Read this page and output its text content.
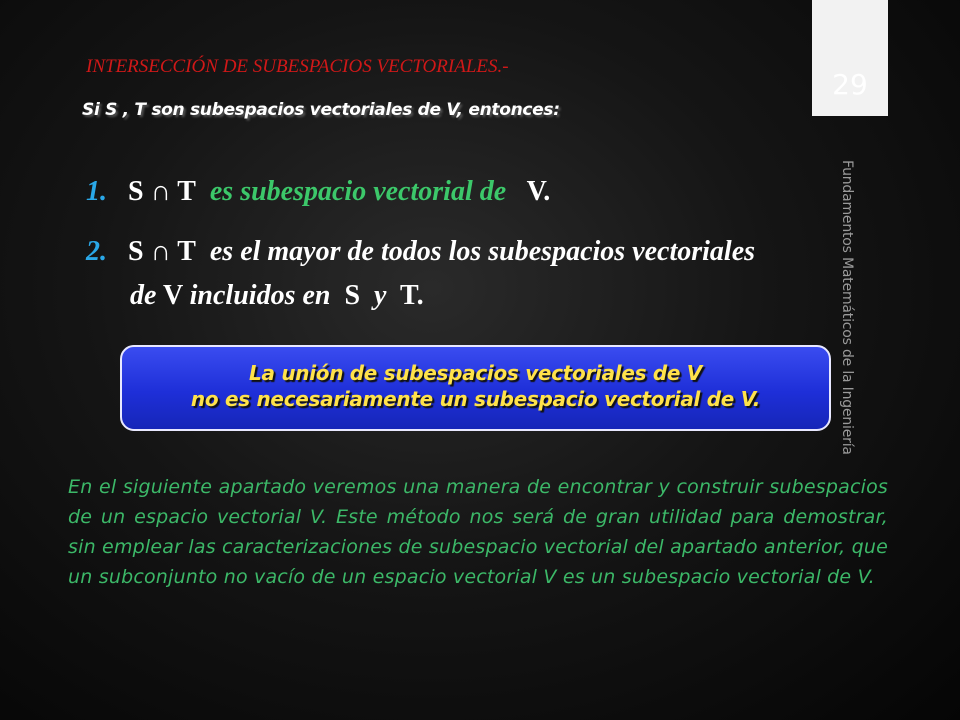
29
Fundamentos Matemáticos de la Ingeniería
INTERSECCIÓN DE SUBESPACIOS VECTORIALES.-
Si S , T son subespacios vectoriales de V, entonces:
1. S ∩ T es subespacio vectorial de V.
2. S ∩ T es el mayor de todos los subespacios vectoriales
de V incluidos en S y T.
La unión de subespacios vectoriales de V
no es necesariamente un subespacio vectorial de V.
En el siguiente apartado veremos una manera de encontrar y construir subespacios de un espacio vectorial V. Este método nos será de gran utilidad para demostrar, sin emplear las caracterizaciones de subespacio vectorial del apartado anterior, que un subconjunto no vacío de un espacio vectorial V es un subespacio vectorial de V.
